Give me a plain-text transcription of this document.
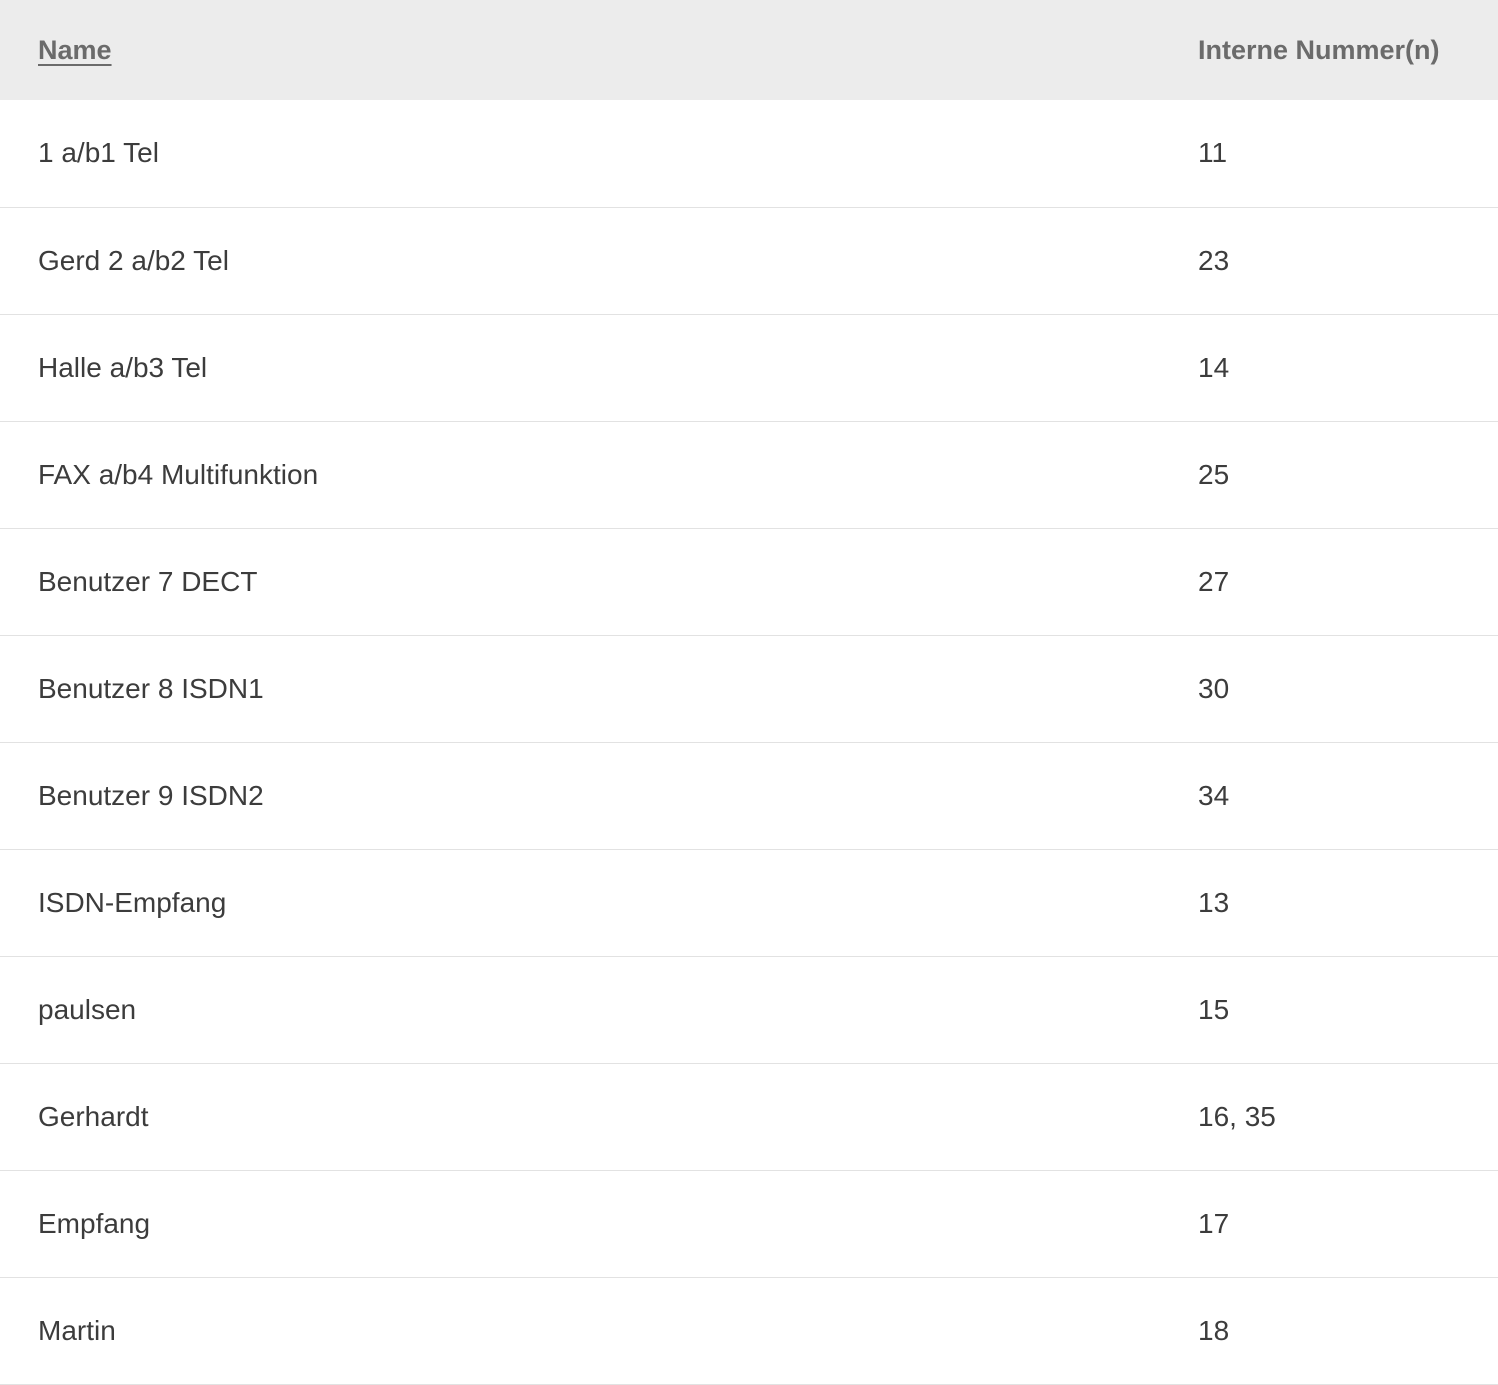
Name	Interne Nummer(n)
1 a/b1 Tel	11
Gerd 2 a/b2 Tel	23
Halle a/b3 Tel	14
FAX a/b4 Multifunktion	25
Benutzer 7 DECT	27
Benutzer 8 ISDN1	30
Benutzer 9 ISDN2	34
ISDN-Empfang	13
paulsen	15
Gerhardt	16, 35
Empfang	17
Martin	18
